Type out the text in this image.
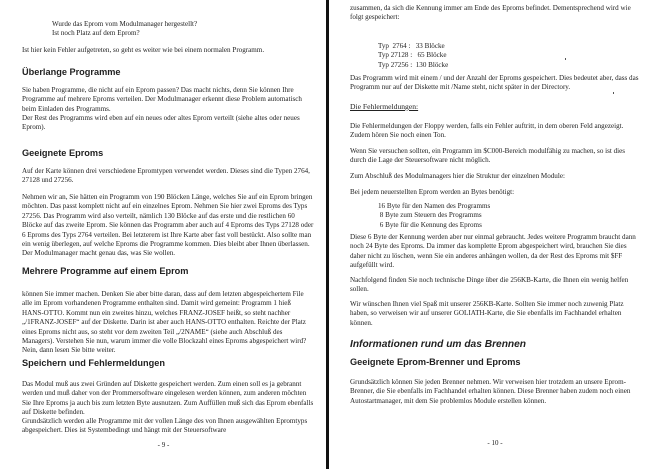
Wurde das Eprom vom Modulmanager hergestellt?
Ist noch Platz auf dem Eprom?

Ist hier kein Fehler aufgetreten, so geht es weiter wie bei einem normalen Programm.

Überlange Programme

Sie haben Programme, die nicht auf ein Eprom passen? Das macht nichts, denn Sie können Ihre Programme auf mehrere Eproms verteilen. Der Modulmanager erkennt diese Problem automatisch beim Einladen des Programms.

Der Rest des Programms wird eben auf ein neues oder altes Eprom verteilt (siehe altes oder neues Eprom).

Geeignete Eproms

Auf der Karte können drei verschiedene Epromtypen verwendet werden. Dieses sind die Typen 2764, 27128 und 27256.

Nehmen wir an, Sie hätten ein Programm von 190 Blöcken Länge, welches Sie auf ein Eprom bringen möchten. Das passt komplett nicht auf ein einzelnes Eprom. Nehmen Sie hier zwei Eproms des Typs 27256. Das Programm wird also verteilt, nämlich 130 Blöcke auf das erste und die restlichen 60 Blöcke auf das zweite Eprom. Sie können das Programm aber auch auf 4 Eproms des Typs 27128 oder 6 Eproms des Typs 2764 verteilen. Bei letzterem ist Ihre Karte aber fast voll bestückt. Also sollte man ein wenig überlegen, auf welche Eproms die Programme kommen. Dies bleibt aber Ihnen überlassen. Der Modulmanager macht genau das, was Sie wollen.

Mehrere Programme auf einem Eprom

können Sie immer machen. Denken Sie aber bitte daran, dass auf dem letzten abgespeichertem File alle im Eprom vorhandenen Programme enthalten sind. Damit wird gemeint: Programm 1 hieß HANS-OTTO. Kommt nun ein zweites hinzu, welches FRANZ-JOSEF heißt, so steht nachher „/1FRANZ-JOSEF“ auf der Diskette. Darin ist aber auch HANS-OTTO enthalten. Reichte der Platz eines Eproms nicht aus, so steht vor dem zweiten Teil „/2NAME“ (siehe auch Abschluß des Managers). Verstehen Sie nun, warum immer die volle Blockzahl eines Eproms abgespeichert wird? Nein, dann lesen Sie bitte weiter.

Speichern und Fehlermeldungen

Das Modul muß aus zwei Gründen auf Diskette gespeichert werden. Zum einen soll es ja gebrannt werden und muß daher von der Prommersoftware eingelesen werden können, zum anderen möchten Sie Ihre Eproms ja auch bis zum letzten Byte ausnutzen. Zum Auffüllen muß sich das Eprom ebenfalls auf Diskette befinden.

Grundsätzlich werden alle Programme mit der vollen Länge des von Ihnen ausgewählten Epromtyps abgespeichert. Dies ist Systembedingt und hängt mit der Steuersoftware

- 9 -

zusammen, da sich die Kennung immer am Ende des Eproms befindet. Dementsprechend wird wie folgt gespeichert:

Typ  2764 :   33 Blöcke
Typ 27128 :   65 Blöcke
Typ 27256 :  130 Blöcke

Das Programm wird mit einem / und der Anzahl der Eproms gespeichert. Dies bedeutet aber, dass das Programm nur auf der Diskette mit /Name steht, nicht später in der Directory.

Die Fehlermeldungen:

Die Fehlermeldungen der Floppy werden, falls ein Fehler auftritt, in dem oberen Feld angezeigt. Zudem hören Sie noch einen Ton.

Wenn Sie versuchen sollten, ein Programm im $C000-Bereich modulfähig zu machen, so ist dies durch die Lage der Steuersoftware nicht möglich.

Zum Abschluß des Modulmanagers hier die Struktur der einzelnen Module:

Bei jedem neuerstellten Eprom werden an Bytes benötigt:

16 Byte für den Namen des Programms
8 Byte zum Steuern des Programms
6 Byte für die Kennung des Eproms

Diese 6 Byte der Kennung werden aber nur einmal gebraucht. Jedes weitere Programm braucht dann noch 24 Byte des Eproms. Da immer das komplette Eprom abgespeichert wird, brauchen Sie dies daher nicht zu löschen, wenn Sie ein anderes anhängen wollen, da der Rest des Eproms mit $FF aufgefüllt wird.

Nachfolgend finden Sie noch technische Dinge über die 256KB-Karte, die Ihnen ein wenig helfen sollen.

Wir wünschen Ihnen viel Spaß mit unserer 256KB-Karte. Sollten Sie immer noch zuwenig Platz haben, so verweisen wir auf unserer GOLIATH-Karte, die Sie ebenfalls im Fachhandel erhalten können.

Informationen rund um das Brennen
Geeignete Eprom-Brenner und Eproms

Grundsätzlich können Sie jeden Brenner nehmen. Wir verweisen hier trotzdem an unsere Eprom-Brenner, die Sie ebenfalls im Fachhandel erhalten können. Diese Brenner haben zudem noch einen Autostartmanager, mit dem Sie problemlos Module erstellen können.

- 10 -
